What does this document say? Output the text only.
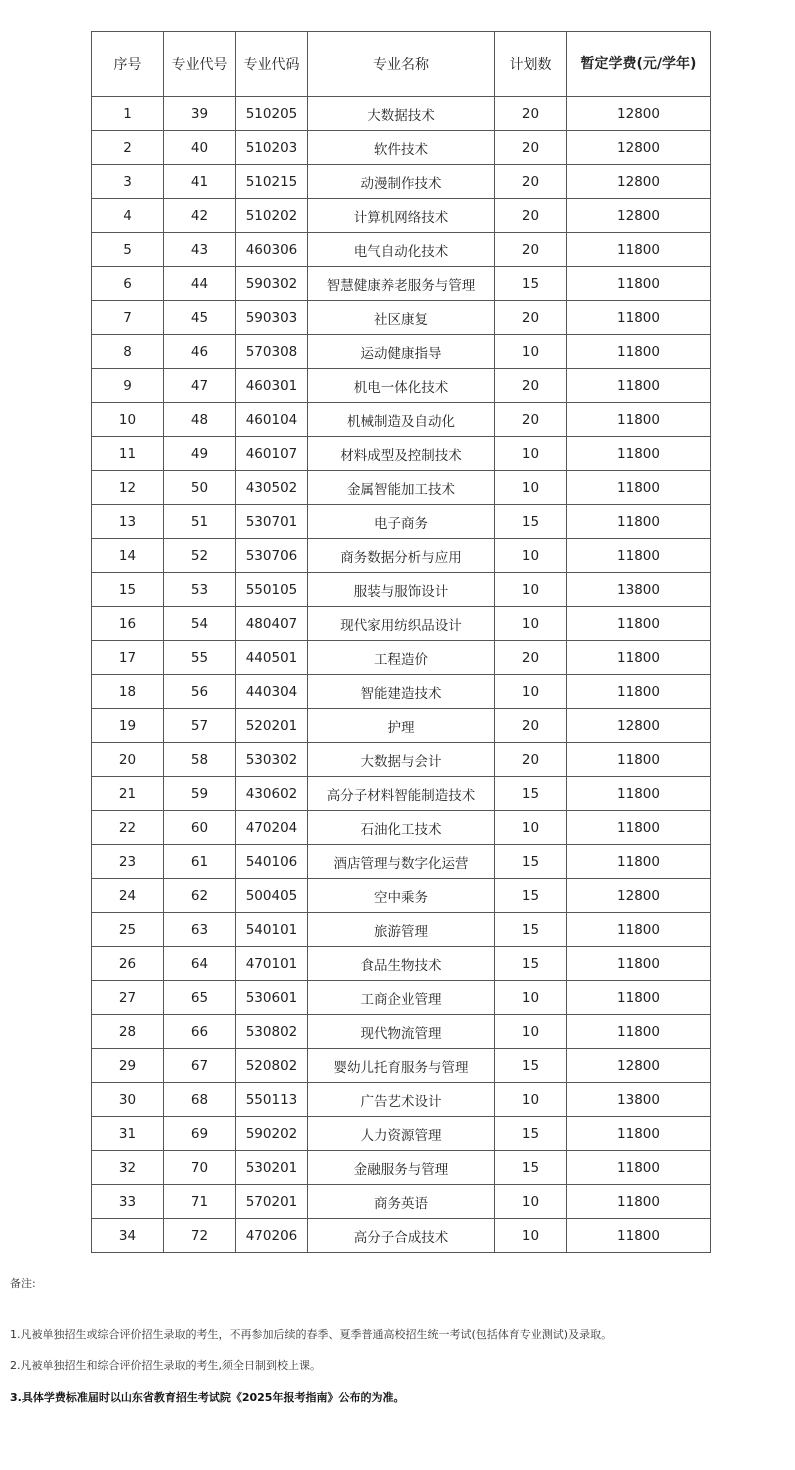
序号	专业代号	专业代码	专业名称	计划数	暂定学费(元/学年)
1	39	510205	大数据技术	20	12800
2	40	510203	软件技术	20	12800
3	41	510215	动漫制作技术	20	12800
4	42	510202	计算机网络技术	20	12800
5	43	460306	电气自动化技术	20	11800
6	44	590302	智慧健康养老服务与管理	15	11800
7	45	590303	社区康复	20	11800
8	46	570308	运动健康指导	10	11800
9	47	460301	机电一体化技术	20	11800
10	48	460104	机械制造及自动化	20	11800
11	49	460107	材料成型及控制技术	10	11800
12	50	430502	金属智能加工技术	10	11800
13	51	530701	电子商务	15	11800
14	52	530706	商务数据分析与应用	10	11800
15	53	550105	服装与服饰设计	10	13800
16	54	480407	现代家用纺织品设计	10	11800
17	55	440501	工程造价	20	11800
18	56	440304	智能建造技术	10	11800
19	57	520201	护理	20	12800
20	58	530302	大数据与会计	20	11800
21	59	430602	高分子材料智能制造技术	15	11800
22	60	470204	石油化工技术	10	11800
23	61	540106	酒店管理与数字化运营	15	11800
24	62	500405	空中乘务	15	12800
25	63	540101	旅游管理	15	11800
26	64	470101	食品生物技术	15	11800
27	65	530601	工商企业管理	10	11800
28	66	530802	现代物流管理	10	11800
29	67	520802	婴幼儿托育服务与管理	15	12800
30	68	550113	广告艺术设计	10	13800
31	69	590202	人力资源管理	15	11800
32	70	530201	金融服务与管理	15	11800
33	71	570201	商务英语	10	11800
34	72	470206	高分子合成技术	10	11800

备注:

1.凡被单独招生或综合评价招生录取的考生，不再参加后续的春季、夏季普通高校招生统一考试(包括体育专业测试)及录取。

2.凡被单独招生和综合评价招生录取的考生,须全日制到校上课。

3.具体学费标准届时以山东省教育招生考试院《2025年报考指南》公布的为准。
